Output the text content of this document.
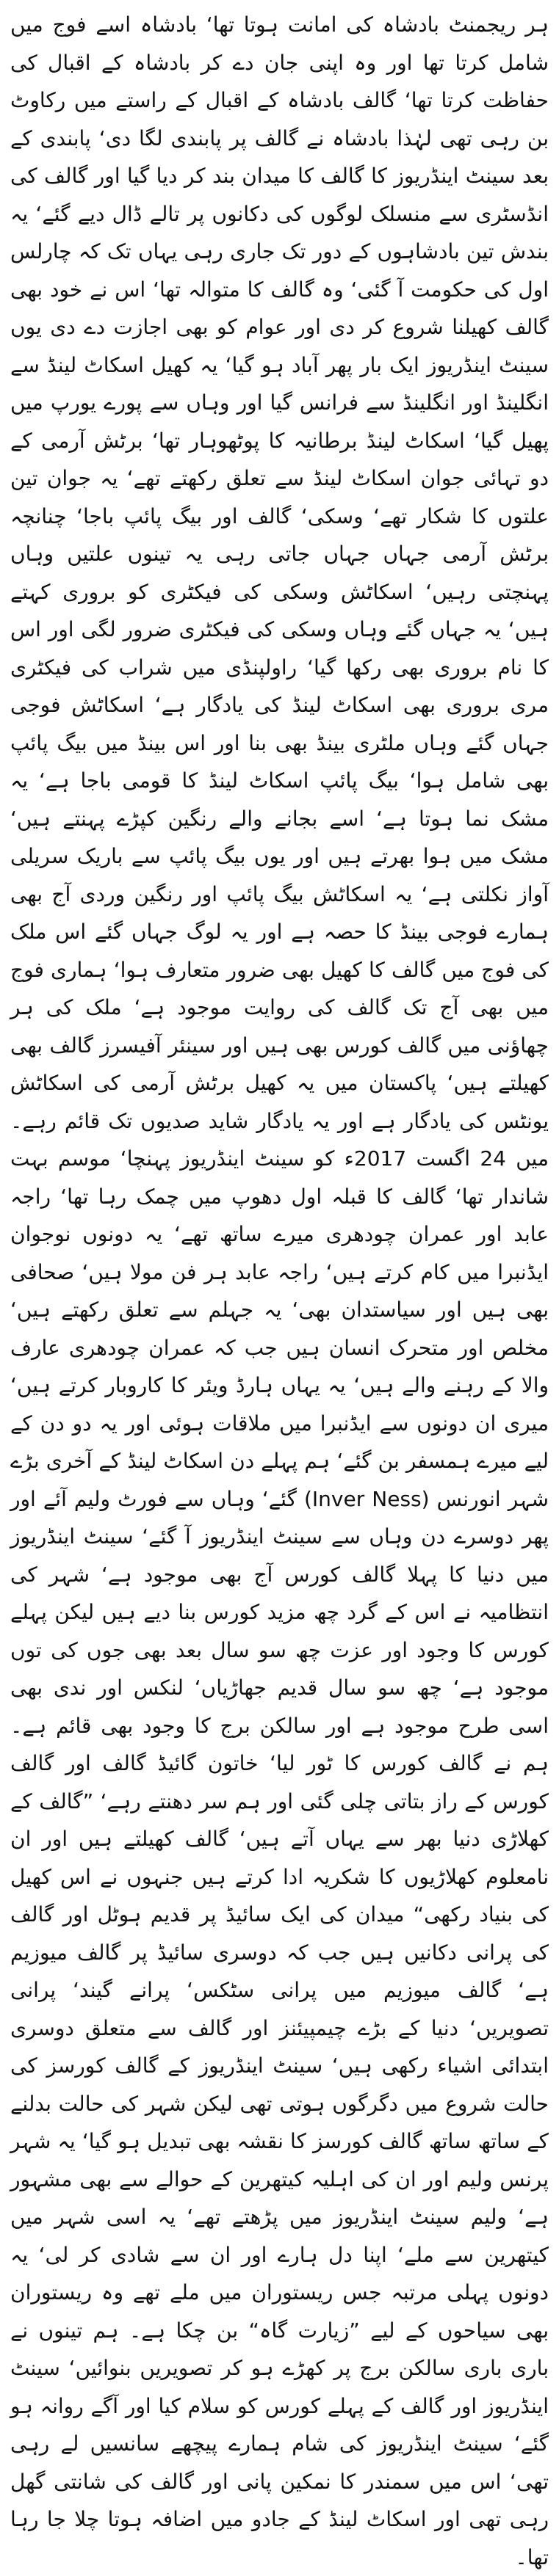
ہر ریجمنٹ بادشاہ کی امانت ہوتا تھا‘ بادشاہ اسے فوج میں شامل کرتا تھا اور وہ اپنی جان دے کر بادشاہ کے اقبال کی حفاظت کرتا تھا‘ گالف بادشاہ کے اقبال کے راستے میں رکاوٹ بن رہی تھی لہٰذا بادشاہ نے گالف پر پابندی لگا دی‘ پابندی کے بعد سینٹ اینڈریوز کا گالف کا میدان بند کر دیا گیا اور گالف کی انڈسٹری سے منسلک لوگوں کی دکانوں پر تالے ڈال دیے گئے‘ یہ بندش تین بادشاہوں کے دور تک جاری رہی یہاں تک کہ چارلس اول کی حکومت آ گئی‘ وہ گالف کا متوالہ تھا‘ اس نے خود بھی گالف کھیلنا شروع کر دی اور عوام کو بھی اجازت دے دی یوں سینٹ اینڈریوز ایک بار پھر آباد ہو گیا‘ یہ کھیل اسکاٹ لینڈ سے انگلینڈ اور انگلینڈ سے فرانس گیا اور وہاں سے پورے یورپ میں پھیل گیا‘ اسکاٹ لینڈ برطانیہ کا پوٹھوہار تھا‘ برٹش آرمی کے دو تہائی جوان اسکاٹ لینڈ سے تعلق رکھتے تھے‘ یہ جوان تین علتوں کا شکار تھے‘ وسکی‘ گالف اور بیگ پائپ باجا‘ چنانچہ برٹش آرمی جہاں جہاں جاتی رہی یہ تینوں علتیں وہاں پہنچتی رہیں‘ اسکاٹش وسکی کی فیکٹری کو بروری کہتے ہیں‘ یہ جہاں گئے وہاں وسکی کی فیکٹری ضرور لگی اور اس کا نام بروری بھی رکھا گیا‘ راولپنڈی میں شراب کی فیکٹری مری بروری بھی اسکاٹ لینڈ کی یادگار ہے‘ اسکاٹش فوجی جہاں گئے وہاں ملٹری بینڈ بھی بنا اور اس بینڈ میں بیگ پائپ بھی شامل ہوا‘ بیگ پائپ اسکاٹ لینڈ کا قومی باجا ہے‘ یہ مشک نما ہوتا ہے‘ اسے بجانے والے رنگین کپڑے پہنتے ہیں‘ مشک میں ہوا بھرتے ہیں اور یوں بیگ پائپ سے باریک سریلی آواز نکلتی ہے‘ یہ اسکاٹش بیگ پائپ اور رنگین وردی آج بھی ہمارے فوجی بینڈ کا حصہ ہے اور یہ لوگ جہاں گئے اس ملک کی فوج میں گالف کا کھیل بھی ضرور متعارف ہوا‘ ہماری فوج میں بھی آج تک گالف کی روایت موجود ہے‘ ملک کی ہر چھاؤنی میں گالف کورس بھی ہیں اور سینئر آفیسرز گالف بھی کھیلتے ہیں‘ پاکستان میں یہ کھیل برٹش آرمی کی اسکاٹش یونٹس کی یادگار ہے اور یہ یادگار شاید صدیوں تک قائم رہے۔ میں 24 اگست 2017ء کو سینٹ اینڈریوز پہنچا‘ موسم بہت شاندار تھا‘ گالف کا قبلہ اول دھوپ میں چمک رہا تھا‘ راجہ عابد اور عمران چودھری میرے ساتھ تھے‘ یہ دونوں نوجوان ایڈنبرا میں کام کرتے ہیں‘ راجہ عابد ہر فن مولا ہیں‘ صحافی بھی ہیں اور سیاستدان بھی‘ یہ جہلم سے تعلق رکھتے ہیں‘ مخلص اور متحرک انسان ہیں جب کہ عمران چودھری عارف والا کے رہنے والے ہیں‘ یہ یہاں ہارڈ ویئر کا کاروبار کرتے ہیں‘ میری ان دونوں سے ایڈنبرا میں ملاقات ہوئی اور یہ دو دن کے لیے میرے ہمسفر بن گئے‘ ہم پہلے دن اسکاٹ لینڈ کے آخری بڑے شہر انورنس (Inver Ness) گئے‘ وہاں سے فورٹ ولیم آئے اور پھر دوسرے دن وہاں سے سینٹ اینڈریوز آ گئے‘ سینٹ اینڈریوز میں دنیا کا پہلا گالف کورس آج بھی موجود ہے‘ شہر کی انتظامیہ نے اس کے گرد چھ مزید کورس بنا دیے ہیں لیکن پہلے کورس کا وجود اور عزت چھ سو سال بعد بھی جوں کی توں موجود ہے‘ چھ سو سال قدیم جھاڑیاں‘ لنکس اور ندی بھی اسی طرح موجود ہے اور سالکن برج کا وجود بھی قائم ہے۔ ہم نے گالف کورس کا ٹور لیا‘ خاتون گائیڈ گالف اور گالف کورس کے راز بتاتی چلی گئی اور ہم سر دھنتے رہے‘ ”گالف کے کھلاڑی دنیا بھر سے یہاں آتے ہیں‘ گالف کھیلتے ہیں اور ان نامعلوم کھلاڑیوں کا شکریہ ادا کرتے ہیں جنہوں نے اس کھیل کی بنیاد رکھی“ میدان کی ایک سائیڈ پر قدیم ہوٹل اور گالف کی پرانی دکانیں ہیں جب کہ دوسری سائیڈ پر گالف میوزیم ہے‘ گالف میوزیم میں پرانی سٹکس‘ پرانے گیند‘ پرانی تصویریں‘ دنیا کے بڑے چیمپیئنز اور گالف سے متعلق دوسری ابتدائی اشیاء رکھی ہیں‘ سینٹ اینڈریوز کے گالف کورسز کی حالت شروع میں دگرگوں ہوتی تھی لیکن شہر کی حالت بدلنے کے ساتھ ساتھ گالف کورسز کا نقشہ بھی تبدیل ہو گیا‘ یہ شہر پرنس ولیم اور ان کی اہلیہ کیتھرین کے حوالے سے بھی مشہور ہے‘ ولیم سینٹ اینڈریوز میں پڑھتے تھے‘ یہ اسی شہر میں کیتھرین سے ملے‘ اپنا دل ہارے اور ان سے شادی کر لی‘ یہ دونوں پہلی مرتبہ جس ریستوران میں ملے تھے وہ ریستوران بھی سیاحوں کے لیے ”زیارت گاہ“ بن چکا ہے۔ ہم تینوں نے باری باری سالکن برج پر کھڑے ہو کر تصویریں بنوائیں‘ سینٹ اینڈریوز اور گالف کے پہلے کورس کو سلام کیا اور آگے روانہ ہو گئے‘ سینٹ اینڈریوز کی شام ہمارے پیچھے سانسیں لے رہی تھی‘ اس میں سمندر کا نمکین پانی اور گالف کی شانتی گھل رہی تھی اور اسکاٹ لینڈ کے جادو میں اضافہ ہوتا چلا جا رہا تھا۔
